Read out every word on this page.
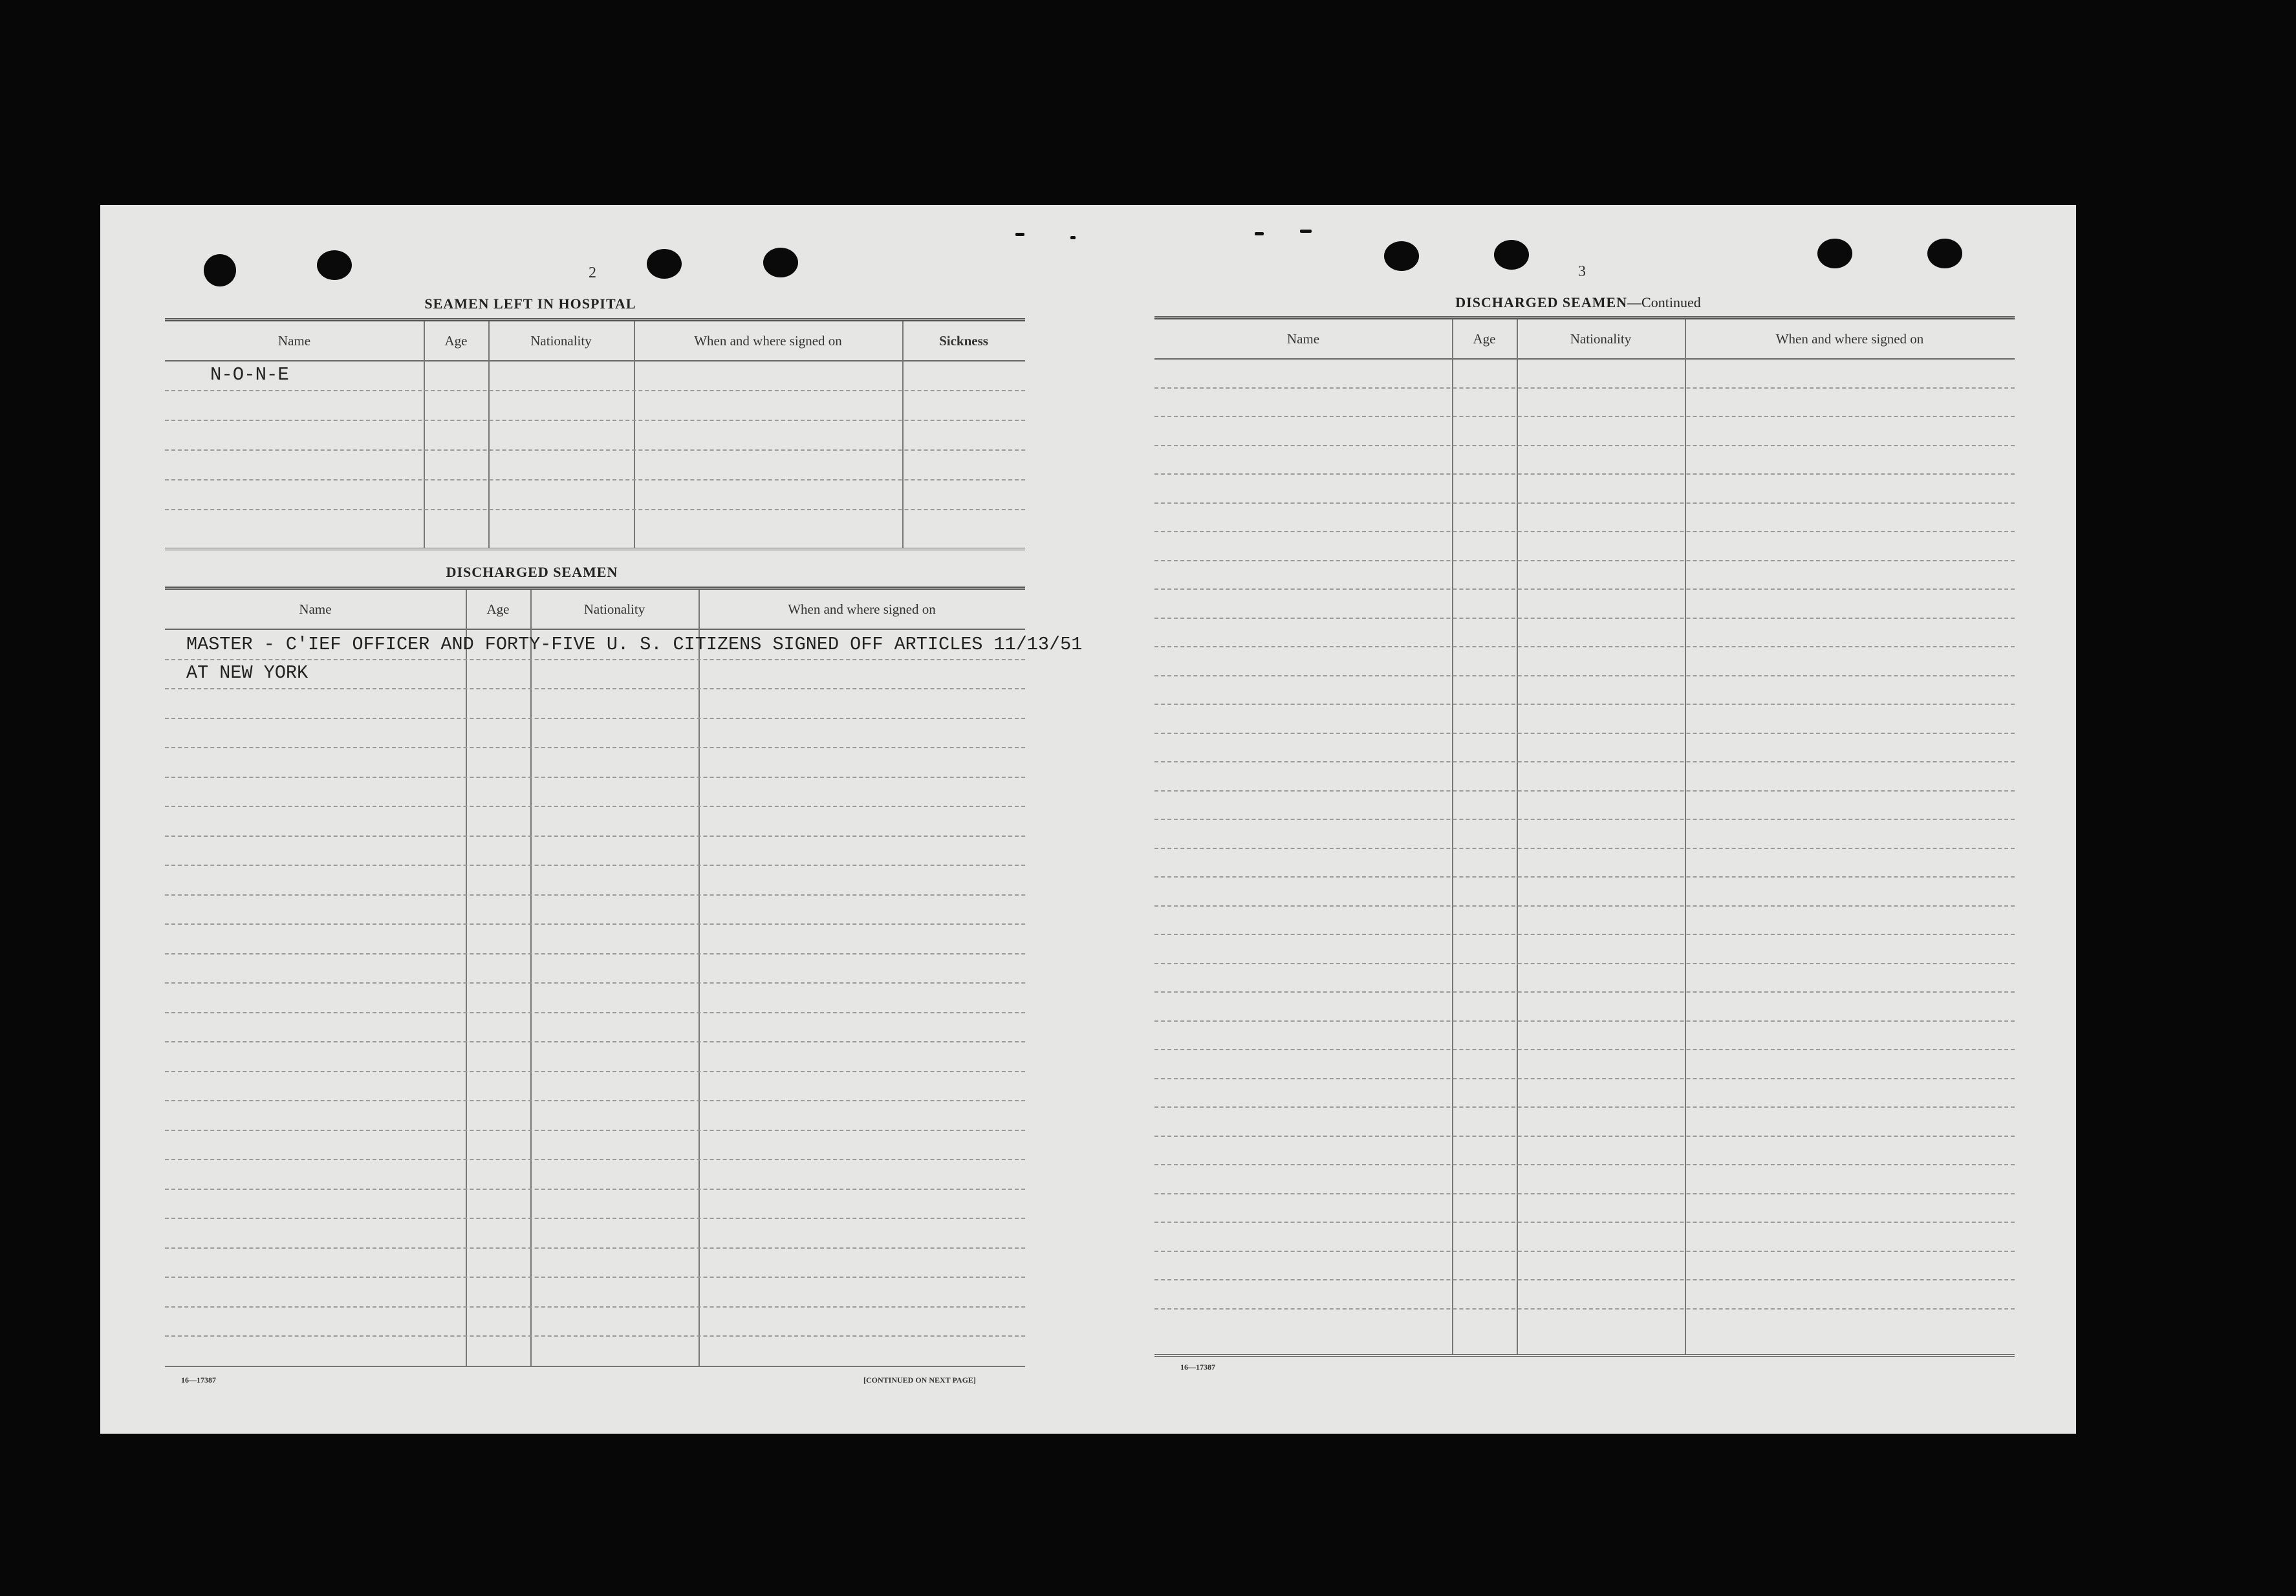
2
SEAMEN LEFT IN HOSPITAL
Name	Age	Nationality	When and where signed on	Sickness
N-O-N-E
DISCHARGED SEAMEN
Name	Age	Nationality	When and where signed on
MASTER - C'IEF OFFICER AND FORTY-FIVE U. S. CITIZENS SIGNED OFF ARTICLES 11/13/51
AT NEW YORK
16—17387	[CONTINUED ON NEXT PAGE]
3
DISCHARGED SEAMEN—Continued
Name	Age	Nationality	When and where signed on
16—17387
